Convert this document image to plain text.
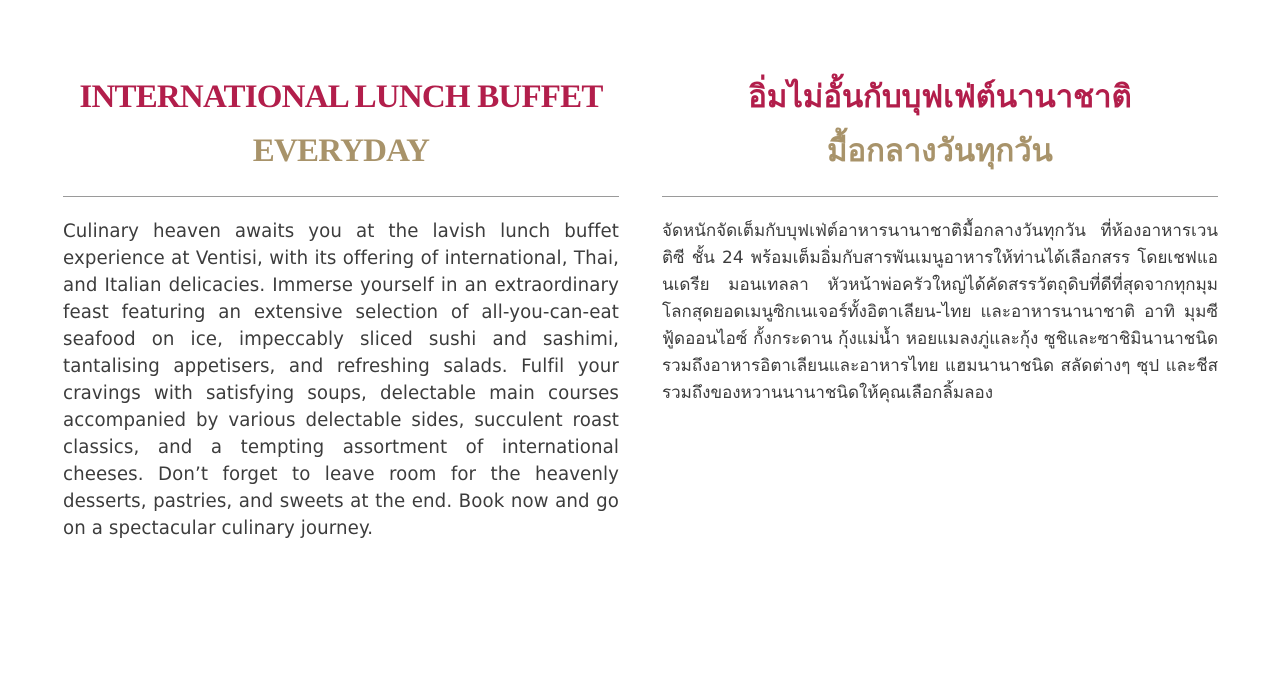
INTERNATIONAL LUNCH BUFFET
EVERYDAY

Culinary heaven awaits you at the lavish lunch buffet experience at Ventisi, with its offering of international, Thai, and Italian delicacies. Immerse yourself in an extraordinary feast featuring an extensive selection of all-you-can-eat seafood on ice, impeccably sliced sushi and sashimi, tantalising appetisers, and refreshing salads. Fulfil your cravings with satisfying soups, delectable main courses accompanied by various delectable sides, succulent roast classics, and a tempting assortment of international cheeses. Don’t forget to leave room for the heavenly desserts, pastries, and sweets at the end. Book now and go on a spectacular culinary journey.

อิ่มไม่อั้นกับบุฟเฟ่ต์นานาชาติ
มื้อกลางวันทุกวัน

จัดหนักจัดเต็มกับบุฟเฟ่ต์อาหารนานาชาติมื้อกลางวันทุกวัน ที่ห้องอาหารเวนติซี ชั้น 24 พร้อมเต็มอิ่มกับสารพันเมนูอาหารให้ท่านได้เลือกสรร โดยเชฟแอนเดรีย มอนเทลลา หัวหน้าพ่อครัวใหญ่ได้คัดสรรวัตถุดิบที่ดีที่สุดจากทุกมุมโลกสุดยอดเมนูซิกเนเจอร์ทั้งอิตาเลียน-ไทย และอาหารนานาชาติ อาทิ มุมซีฟู้ดออนไอซ์ กั้งกระดาน กุ้งแม่น้ำ หอยแมลงภู่และกุ้ง ซูชิและซาชิมินานาชนิด รวมถึงอาหารอิตาเลียนและอาหารไทย แฮมนานาชนิด สลัดต่างๆ ซุป และชีส รวมถึงของหวานนานาชนิดให้คุณเลือกลิ้มลอง
